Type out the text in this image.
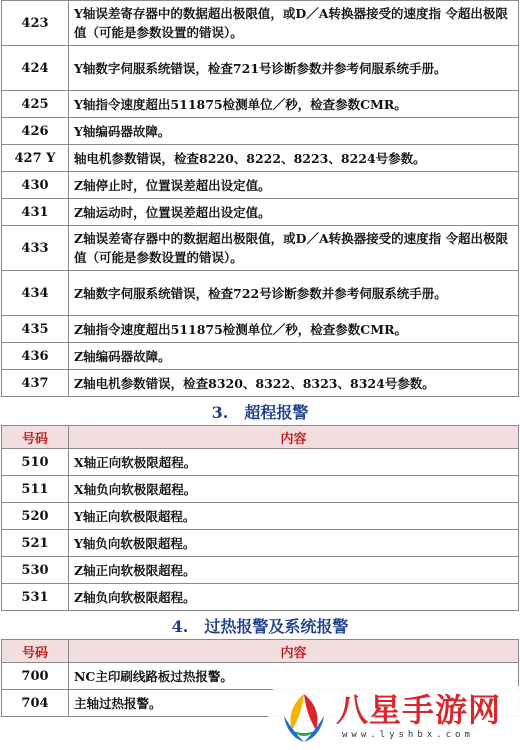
423	Y轴误差寄存器中的数据超出极限值，或D／A转换器接受的速度指 令超出极限值（可能是参数设置的错误）。
424	Y轴数字伺服系统错误，检查721号诊断参数并参考伺服系统手册。
425	Y轴指令速度超出511875检测单位／秒，检查参数CMR。
426	Y轴编码器故障。
427 Y	轴电机参数错误，检查8220、8222、8223、8224号参数。
430	Z轴停止时，位置误差超出设定值。
431	Z轴运动时，位置误差超出设定值。
433	Z轴误差寄存器中的数据超出极限值，或D／A转换器接受的速度指 令超出极限值（可能是参数设置的错误）。
434	Z轴数字伺服系统错误，检查722号诊断参数并参考伺服系统手册。
435	Z轴指令速度超出511875检测单位／秒，检查参数CMR。
436	Z轴编码器故障。
437	Z轴电机参数错误，检查8320、8322、8323、8324号参数。
3.　超程报警	
号码	内容
510	X轴正向软极限超程。
511	X轴负向软极限超程。
520	Y轴正向软极限超程。
521	Y轴负向软极限超程。
530	Z轴正向软极限超程。
531	Z轴负向软极限超程。
4.　过热报警及系统报警	
号码	内容
700	NC主印刷线路板过热报警。
704	主轴过热报警。	八星手游网
www.lyshbx.com
